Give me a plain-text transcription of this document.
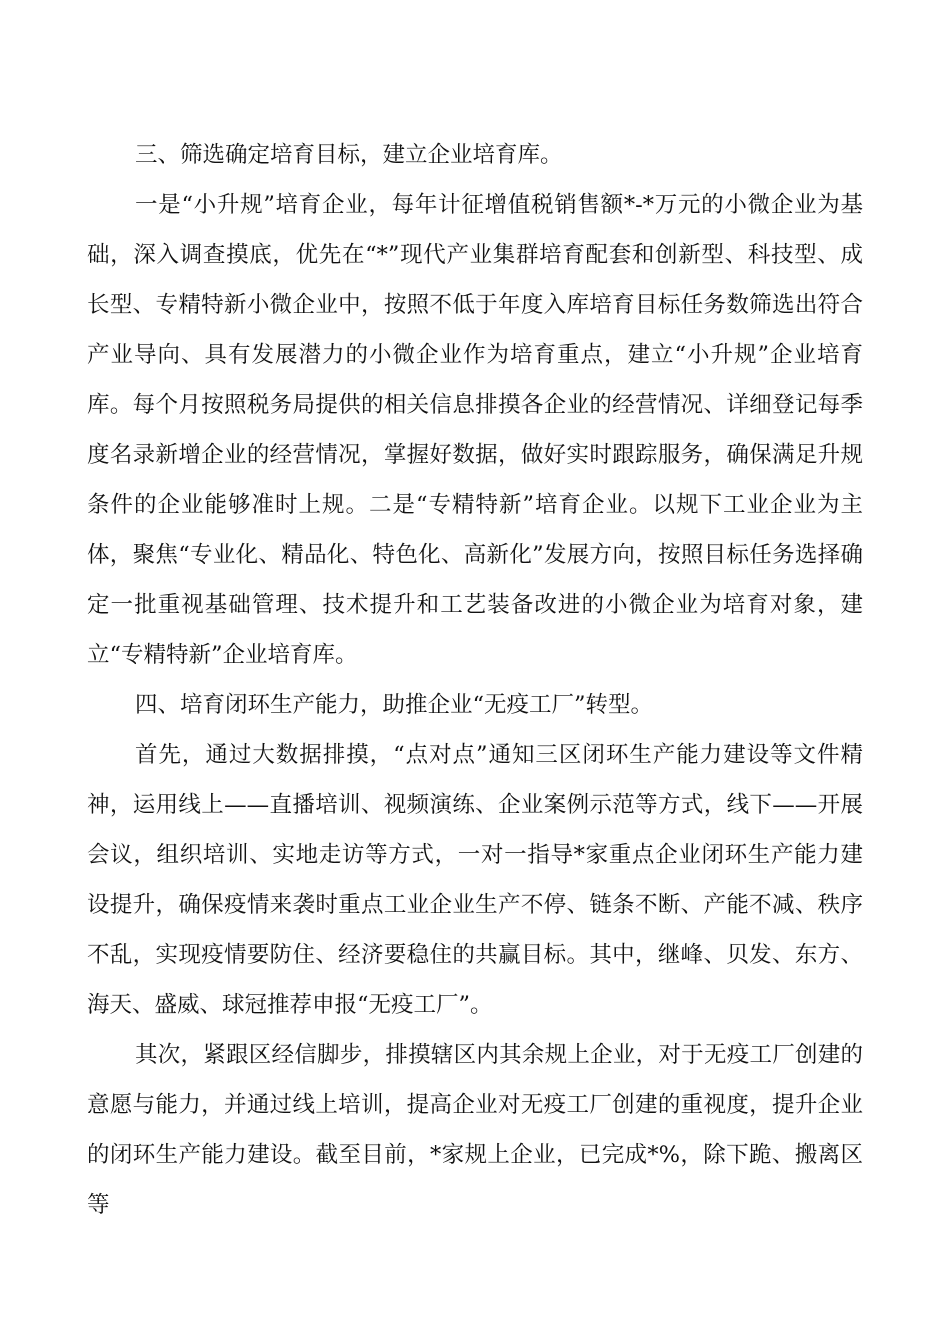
三、筛选确定培育目标，建立企业培育库。

一是“小升规”培育企业，每年计征增值税销售额*-*万元的小微企业为基础，深入调查摸底，优先在“*”现代产业集群培育配套和创新型、科技型、成长型、专精特新小微企业中，按照不低于年度入库培育目标任务数筛选出符合产业导向、具有发展潜力的小微企业作为培育重点，建立“小升规”企业培育库。每个月按照税务局提供的相关信息排摸各企业的经营情况、详细登记每季度名录新增企业的经营情况，掌握好数据，做好实时跟踪服务，确保满足升规条件的企业能够准时上规。二是“专精特新”培育企业。以规下工业企业为主体，聚焦“专业化、精品化、特色化、高新化”发展方向，按照目标任务选择确定一批重视基础管理、技术提升和工艺装备改进的小微企业为培育对象，建立“专精特新”企业培育库。

四、培育闭环生产能力，助推企业“无疫工厂”转型。

首先，通过大数据排摸，“点对点”通知三区闭环生产能力建设等文件精神，运用线上——直播培训、视频演练、企业案例示范等方式，线下——开展会议，组织培训、实地走访等方式，一对一指导*家重点企业闭环生产能力建设提升，确保疫情来袭时重点工业企业生产不停、链条不断、产能不减、秩序不乱，实现疫情要防住、经济要稳住的共赢目标。其中，继峰、贝发、东方、海天、盛威、球冠推荐申报“无疫工厂”。

其次，紧跟区经信脚步，排摸辖区内其余规上企业，对于无疫工厂创建的意愿与能力，并通过线上培训，提高企业对无疫工厂创建的重视度，提升企业的闭环生产能力建设。截至目前，*家规上企业，已完成*%，除下跪、搬离区等
